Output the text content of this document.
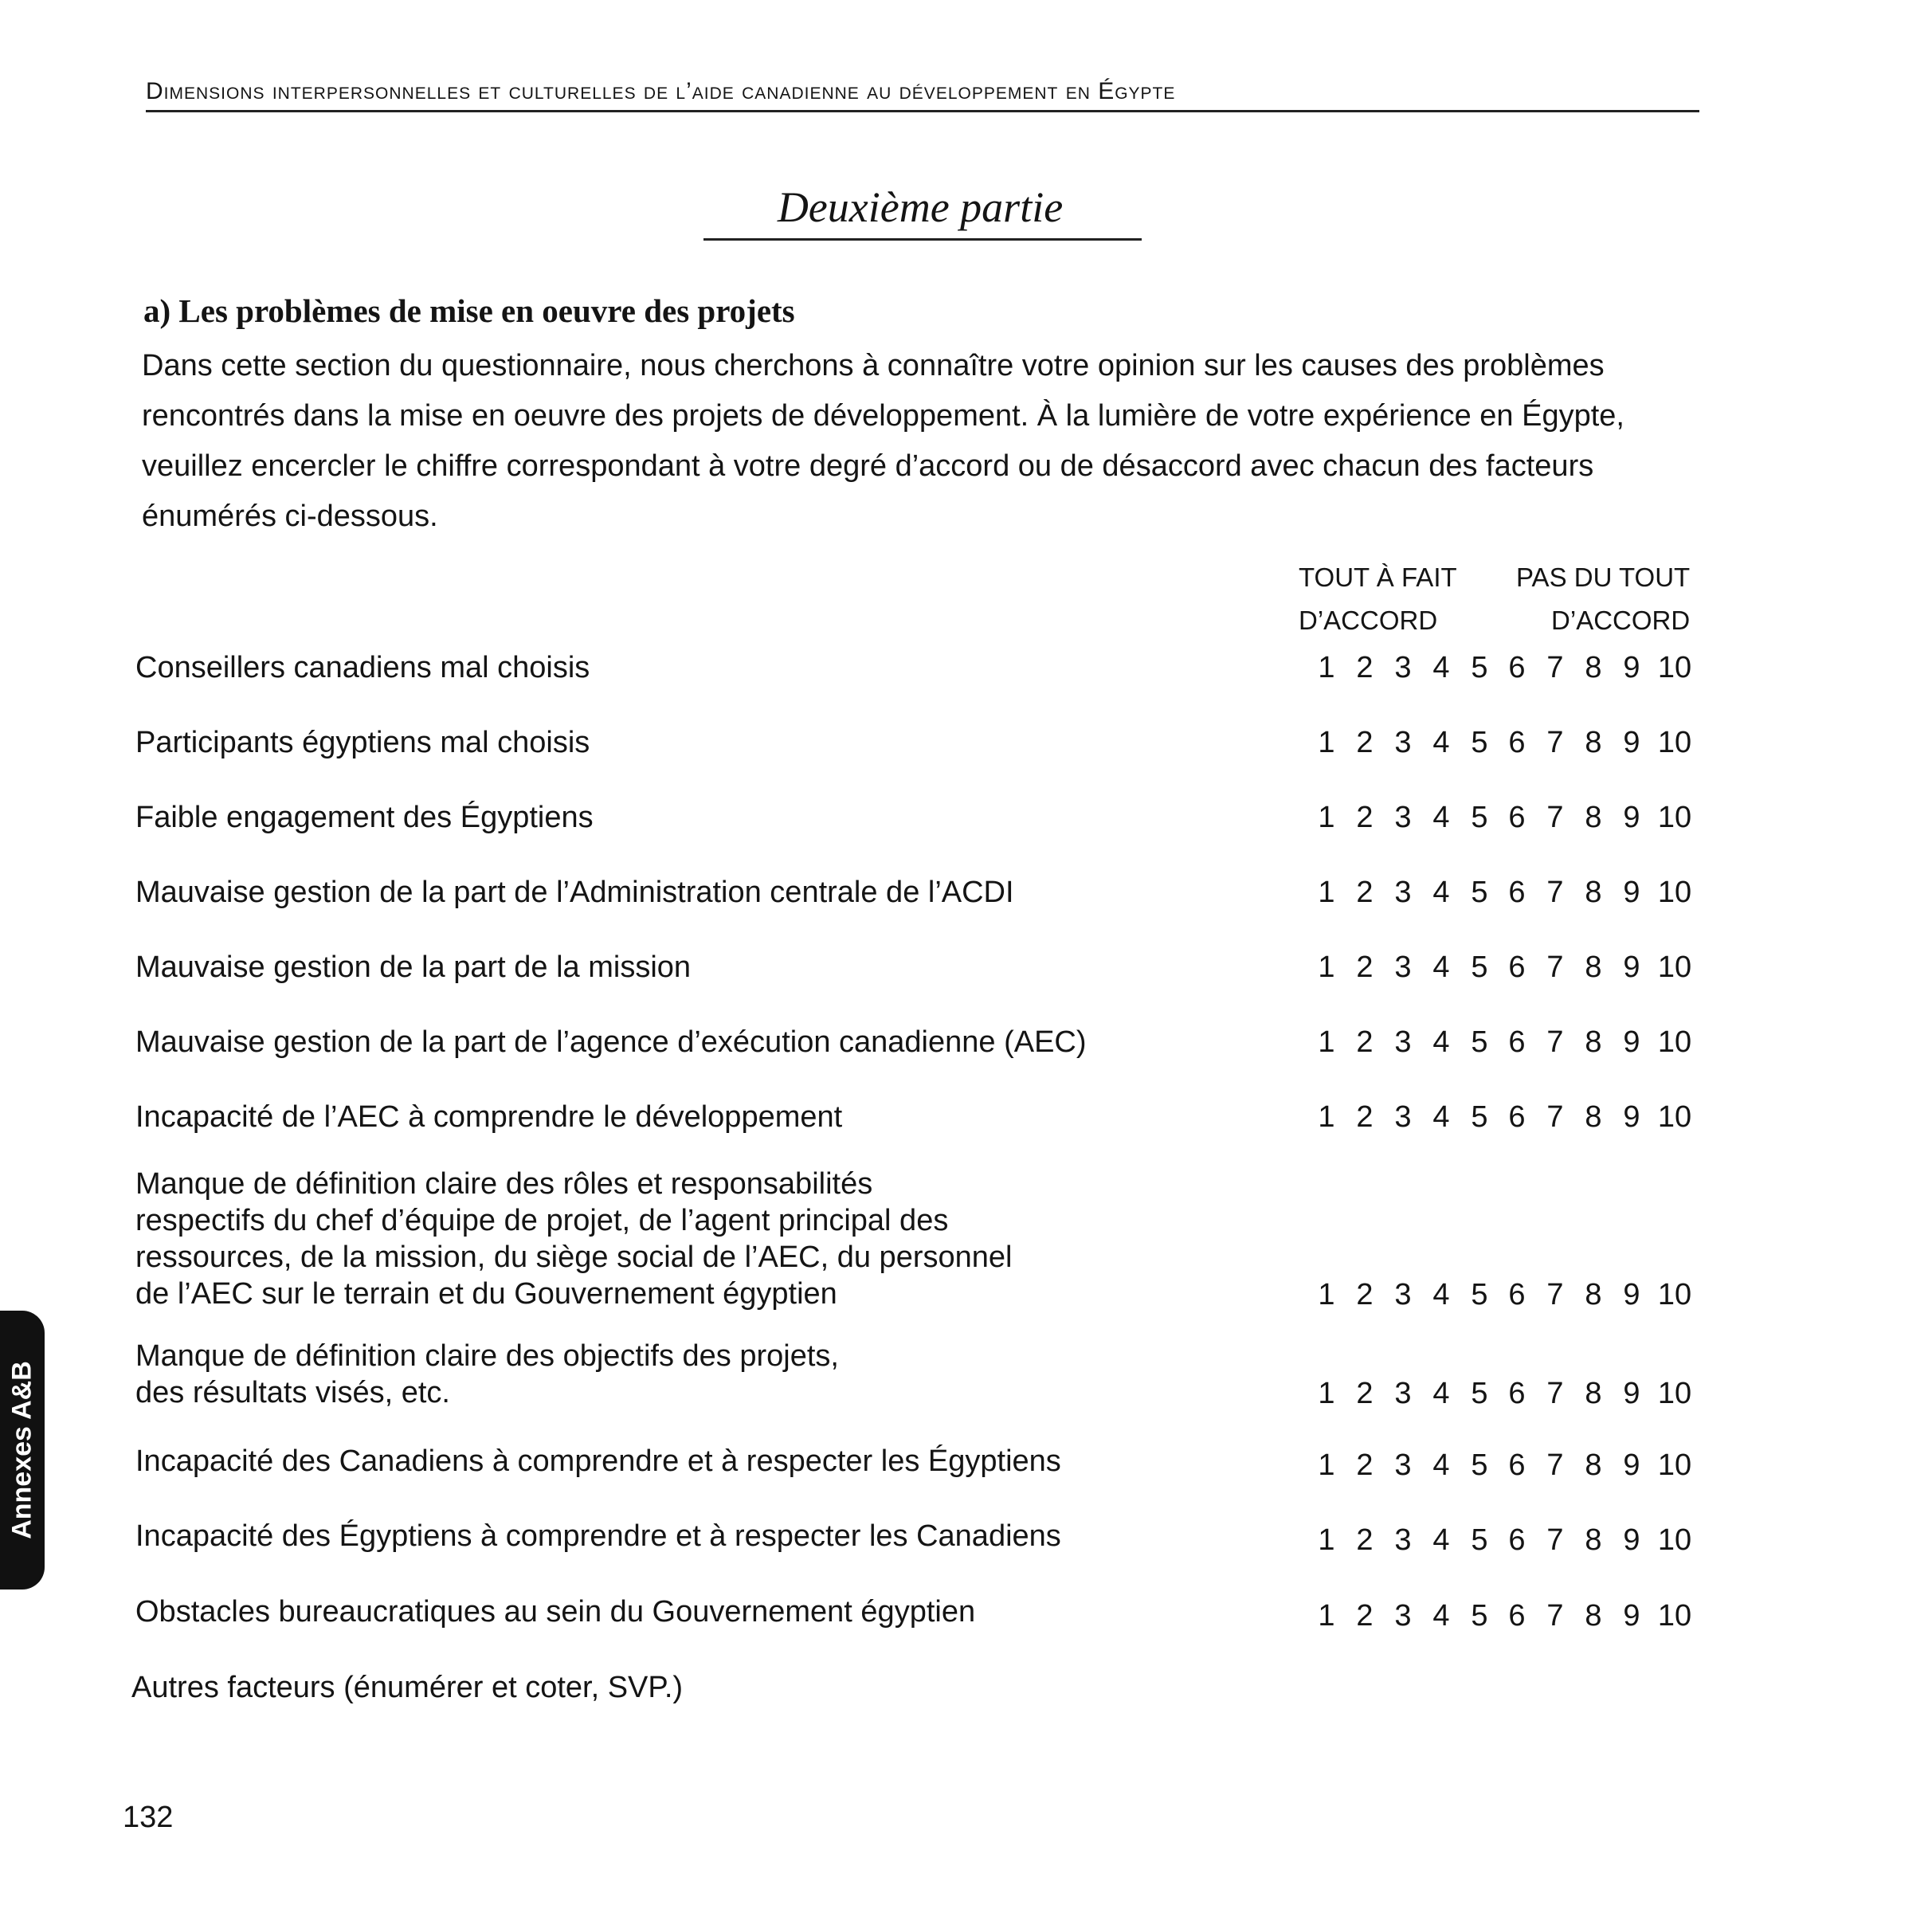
Dimensions interpersonnelles et culturelles de l’aide canadienne au développement en Égypte
Deuxième partie
a) Les problèmes de mise en oeuvre des projets
Dans cette section du questionnaire, nous cherchons à connaître votre opinion sur les causes des problèmes rencontrés dans la mise en oeuvre des projets de développement. À la lumière de votre expérience en Égypte, veuillez encercler le chiffre correspondant à votre degré d’accord ou de désaccord avec chacun des facteurs énumérés ci-dessous.
TOUT À FAIT
D’ACCORD
PAS DU TOUT
D’ACCORD
Conseillers canadiens mal choisis	1 2 3 4 5 6 7 8 9 10
Participants égyptiens mal choisis	1 2 3 4 5 6 7 8 9 10
Faible engagement des Égyptiens	1 2 3 4 5 6 7 8 9 10
Mauvaise gestion de la part de l’Administration centrale de l’ACDI	1 2 3 4 5 6 7 8 9 10
Mauvaise gestion de la part de la mission	1 2 3 4 5 6 7 8 9 10
Mauvaise gestion de la part de l’agence d’exécution canadienne (AEC)	1 2 3 4 5 6 7 8 9 10
Incapacité de l’AEC à comprendre le développement	1 2 3 4 5 6 7 8 9 10
Manque de définition claire des rôles et responsabilités
respectifs du chef d’équipe de projet, de l’agent principal des
ressources, de la mission, du siège social de l’AEC, du personnel
de l’AEC sur le terrain et du Gouvernement égyptien	1 2 3 4 5 6 7 8 9 10
Manque de définition claire des objectifs des projets,
des résultats visés, etc.	1 2 3 4 5 6 7 8 9 10
Incapacité des Canadiens à comprendre et à respecter les Égyptiens	1 2 3 4 5 6 7 8 9 10
Incapacité des Égyptiens à comprendre et à respecter les Canadiens	1 2 3 4 5 6 7 8 9 10
Obstacles bureaucratiques au sein du Gouvernement égyptien	1 2 3 4 5 6 7 8 9 10
Autres facteurs (énumérer et coter, SVP.)
132
Annexes A&B
